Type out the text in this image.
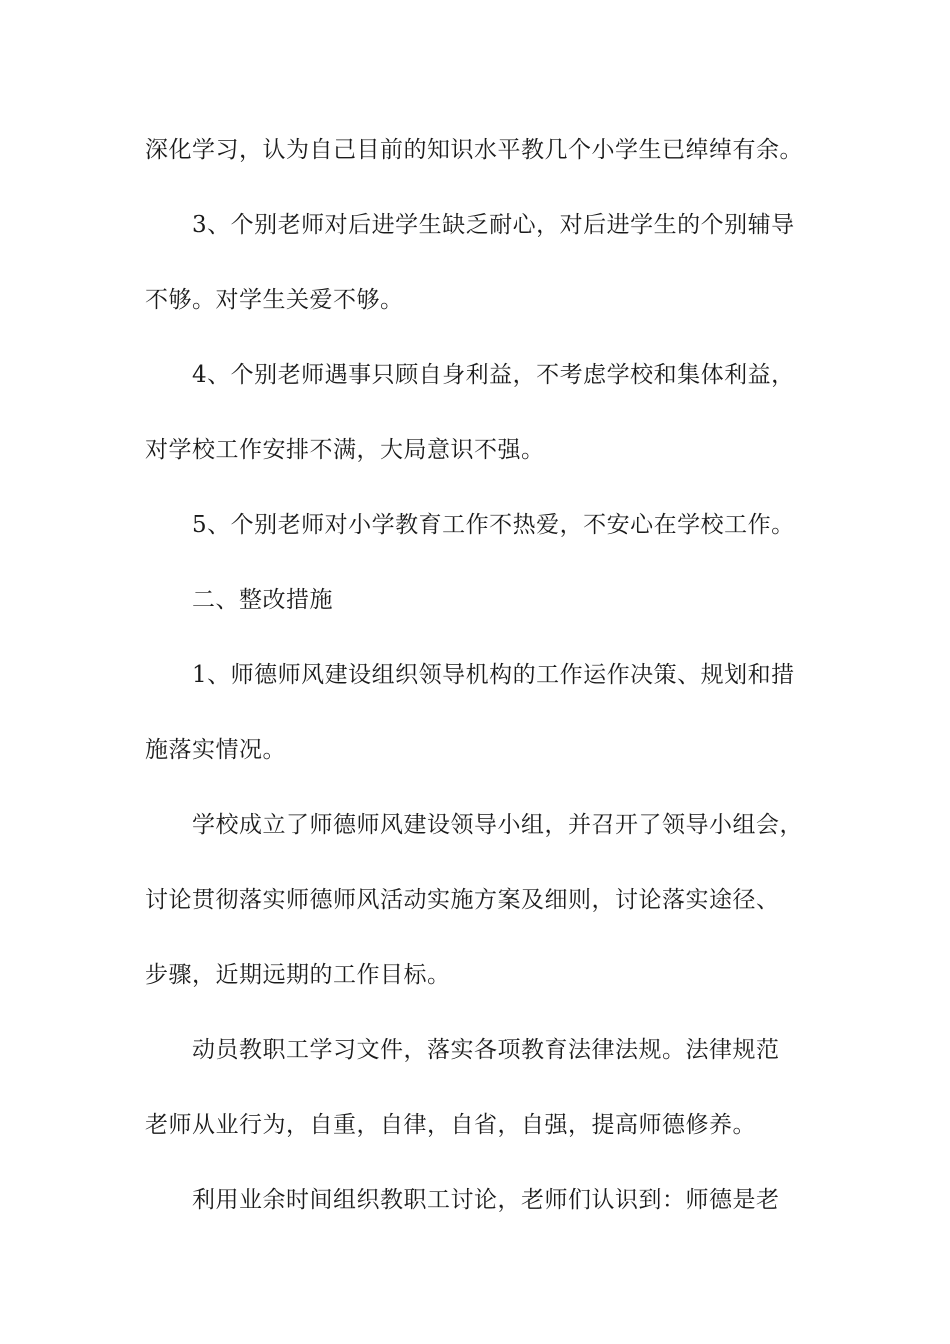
深化学习，认为自己目前的知识水平教几个小学生已绰绰有余。
3、个别老师对后进学生缺乏耐心，对后进学生的个别辅导
不够。对学生关爱不够。
4、个别老师遇事只顾自身利益，不考虑学校和集体利益，
对学校工作安排不满，大局意识不强。
5、个别老师对小学教育工作不热爱，不安心在学校工作。
二、整改措施
1、师德师风建设组织领导机构的工作运作决策、规划和措
施落实情况。
学校成立了师德师风建设领导小组，并召开了领导小组会，
讨论贯彻落实师德师风活动实施方案及细则，讨论落实途径、
步骤，近期远期的工作目标。
动员教职工学习文件，落实各项教育法律法规。法律规范
老师从业行为，自重，自律，自省，自强，提高师德修养。
利用业余时间组织教职工讨论，老师们认识到：师德是老
